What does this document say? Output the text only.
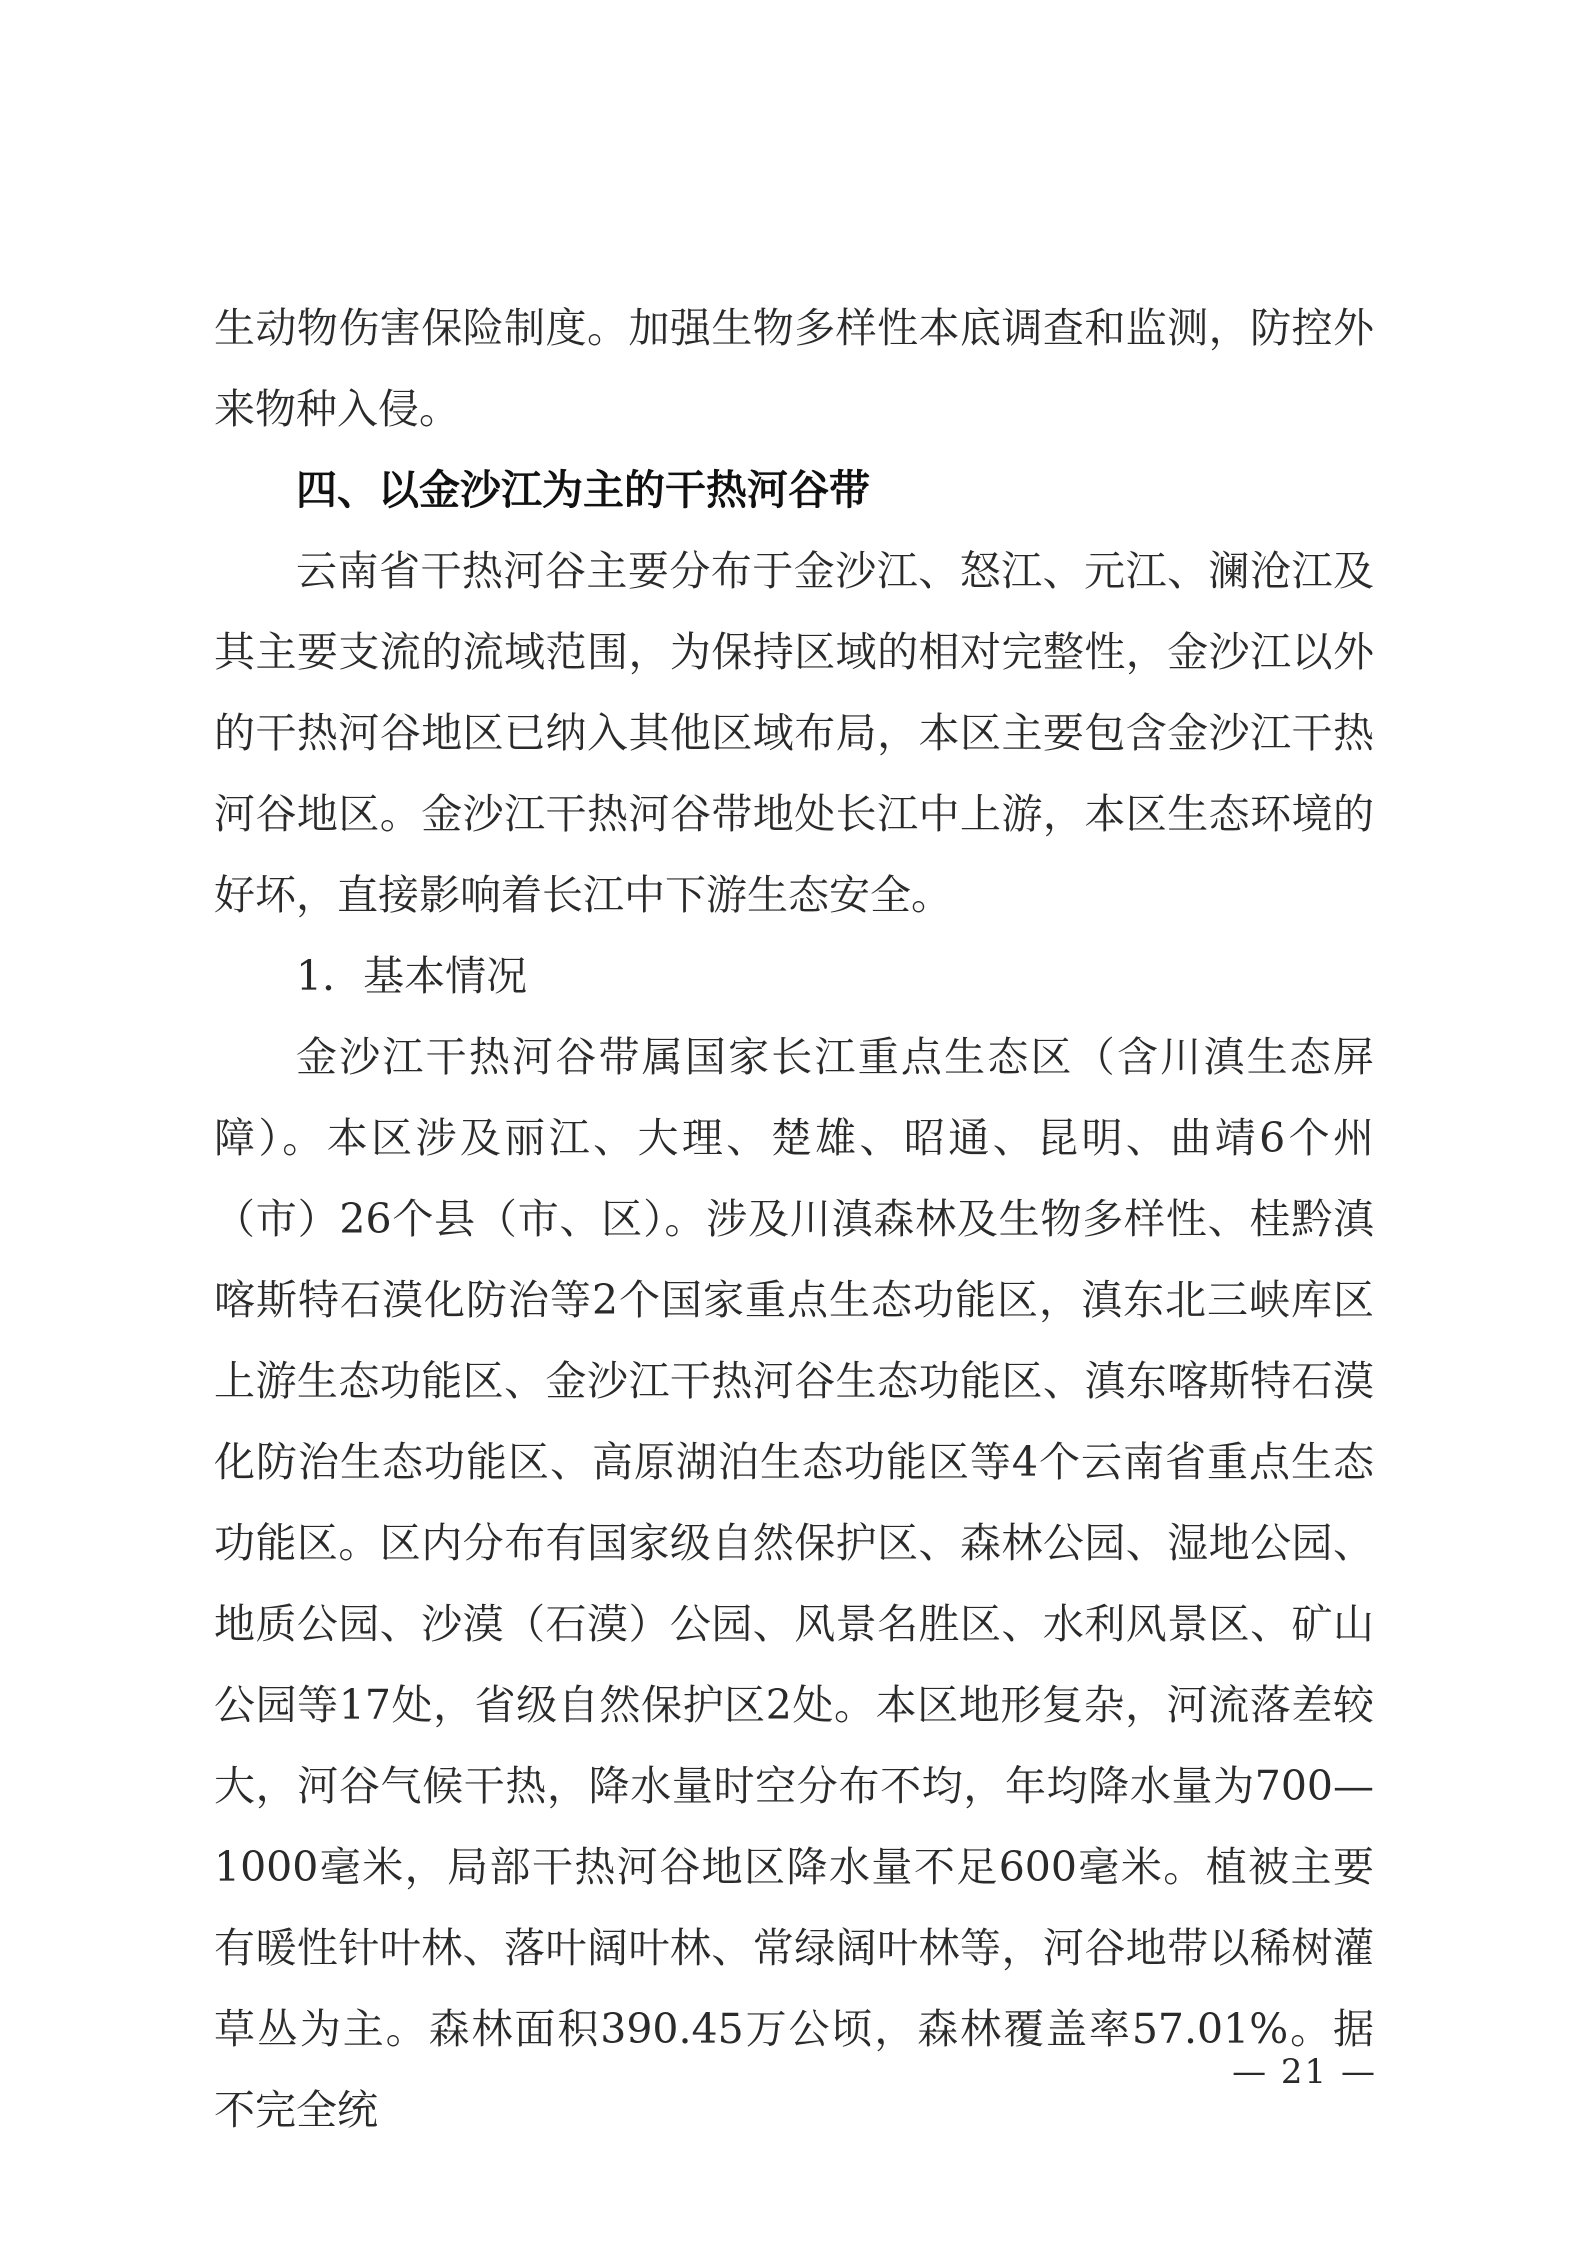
生动物伤害保险制度。加强生物多样性本底调查和监测，防控外来物种入侵。

四、以金沙江为主的干热河谷带

云南省干热河谷主要分布于金沙江、怒江、元江、澜沧江及其主要支流的流域范围，为保持区域的相对完整性，金沙江以外的干热河谷地区已纳入其他区域布局，本区主要包含金沙江干热河谷地区。金沙江干热河谷带地处长江中上游，本区生态环境的好坏，直接影响着长江中下游生态安全。

1．基本情况

金沙江干热河谷带属国家长江重点生态区（含川滇生态屏障）。本区涉及丽江、大理、楚雄、昭通、昆明、曲靖6个州（市）26个县（市、区）。涉及川滇森林及生物多样性、桂黔滇喀斯特石漠化防治等2个国家重点生态功能区，滇东北三峡库区上游生态功能区、金沙江干热河谷生态功能区、滇东喀斯特石漠化防治生态功能区、高原湖泊生态功能区等4个云南省重点生态功能区。区内分布有国家级自然保护区、森林公园、湿地公园、地质公园、沙漠（石漠）公园、风景名胜区、水利风景区、矿山公园等17处，省级自然保护区2处。本区地形复杂，河流落差较大，河谷气候干热，降水量时空分布不均，年均降水量为700—1000毫米，局部干热河谷地区降水量不足600毫米。植被主要有暖性针叶林、落叶阔叶林、常绿阔叶林等，河谷地带以稀树灌草丛为主。森林面积390.45万公顷，森林覆盖率57.01%。据不完全统

— 21 —
